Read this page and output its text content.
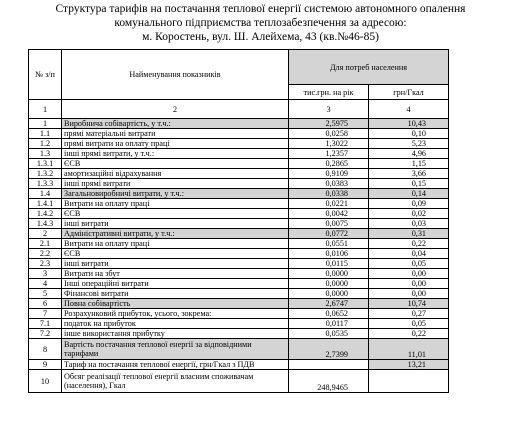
Структура тарифів на постачання теплової енергії системою автономного опалення
комунального підприємства теплозабезпечення за адресою:
м. Коростень, вул. Ш. Алейхема, 43 (кв.№46-85)
№ з/п	Найменування показників	Для потреб населення	
		тис.грн. на рік	грн/Гкал
1	2	3	4
1	Виробнича собівартість, у т.ч.:	2,5975	10,43
1.1	прямі матеріальні витрати	0,0258	0,10
1.2	прямі витрати на оплату праці	1,3022	5,23
1.3	інші прямі витрати, у т.ч.:	1,2357	4,96
1.3.1	ЄСВ	0,2865	1,15
1.3.2	амортизаційні відрахування	0,9109	3,66
1.3.3	інші прямі витрати	0,0383	0,15
1.4	Загальновиробничі витрати, у т.ч.:	0,0338	0,14
1.4.1	Витрати на оплату праці	0,0221	0,09
1.4.2	ЄСВ	0,0042	0,02
1.4.3	інші витрати	0,0075	0,03
2	Адміністративні витрати, у т.ч.:	0,0772	0,31
2.1	Витрати на оплату праці	0,0551	0,22
2.2	ЄСВ	0,0106	0,04
2.3	інші витрати	0,0115	0,05
3	Витрати на збут	0,0000	0,00
4	Інші операційні витрати	0,0000	0,00
5	Фінансові витрати	0,0000	0,00
6	Повна собівартість	2,6747	10,74
7	Розрахунковий прибуток, усього, зокрема:	0,0652	0,27
7.1	податок на прибуток	0,0117	0,05
7.2	інше використання прибутку	0,0535	0,22
8	Вартість постачання теплової енергії за відповідними тарифами	2,7399	11,01
9	Тариф на постачання теплової енергії, грн/Гкал з ПДВ		13,21
10	Обсяг реалізації теплової енергії власним споживачам (населення), Гкал	248,9465	
